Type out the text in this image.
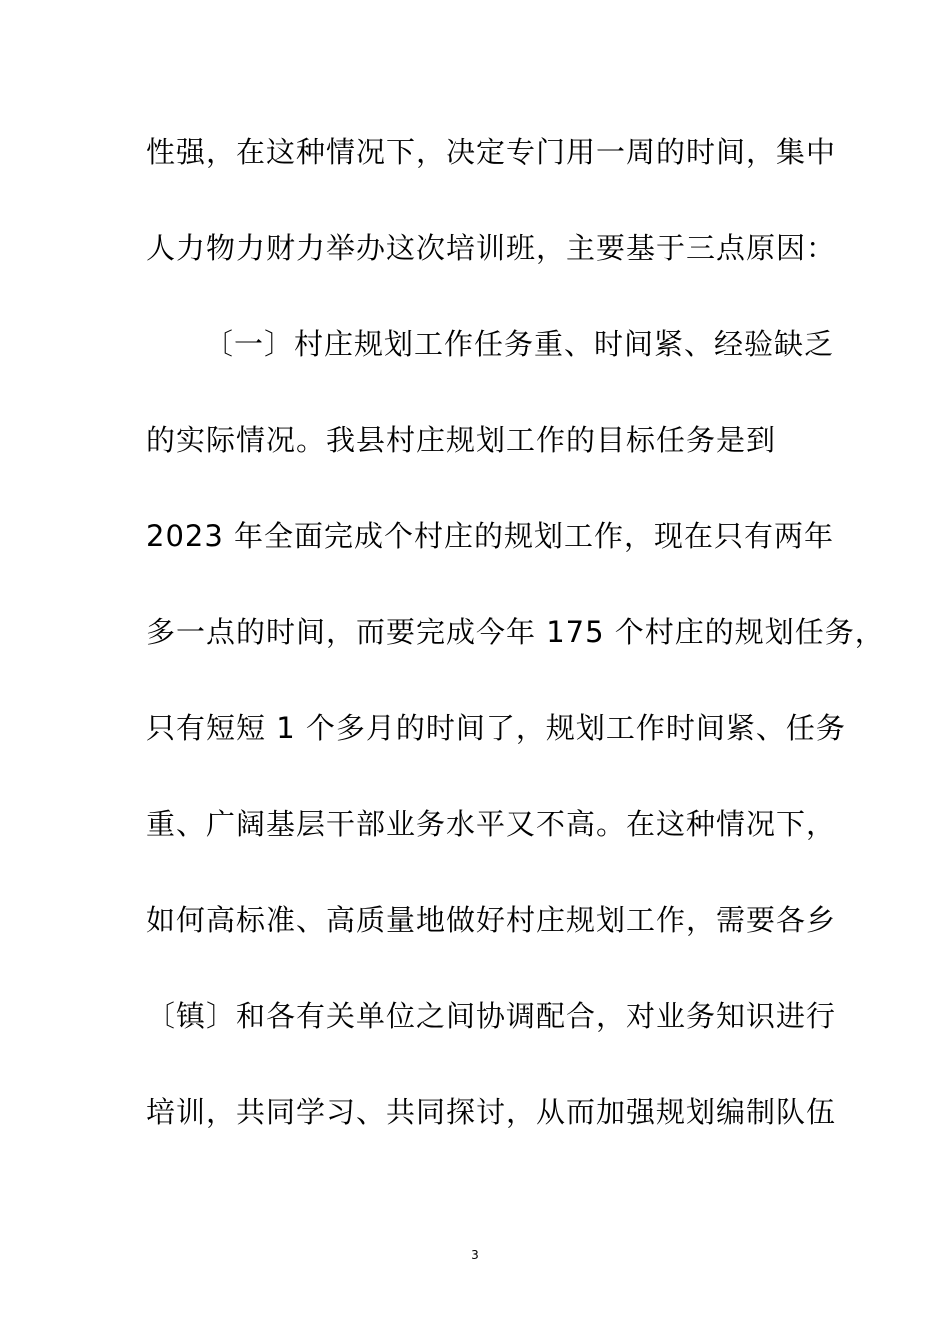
性强，在这种情况下，决定专门用一周的时间，集中
人力物力财力举办这次培训班，主要基于三点原因：
〔一〕村庄规划工作任务重、时间紧、经验缺乏
的实际情况。我县村庄规划工作的目标任务是到
2023 年全面完成个村庄的规划工作，现在只有两年
多一点的时间，而要完成今年 175 个村庄的规划任务，
只有短短 1 个多月的时间了，规划工作时间紧、任务
重、广阔基层干部业务水平又不高。在这种情况下，
如何高标准、高质量地做好村庄规划工作，需要各乡
〔镇〕和各有关单位之间协调配合，对业务知识进行
培训，共同学习、共同探讨，从而加强规划编制队伍
3
